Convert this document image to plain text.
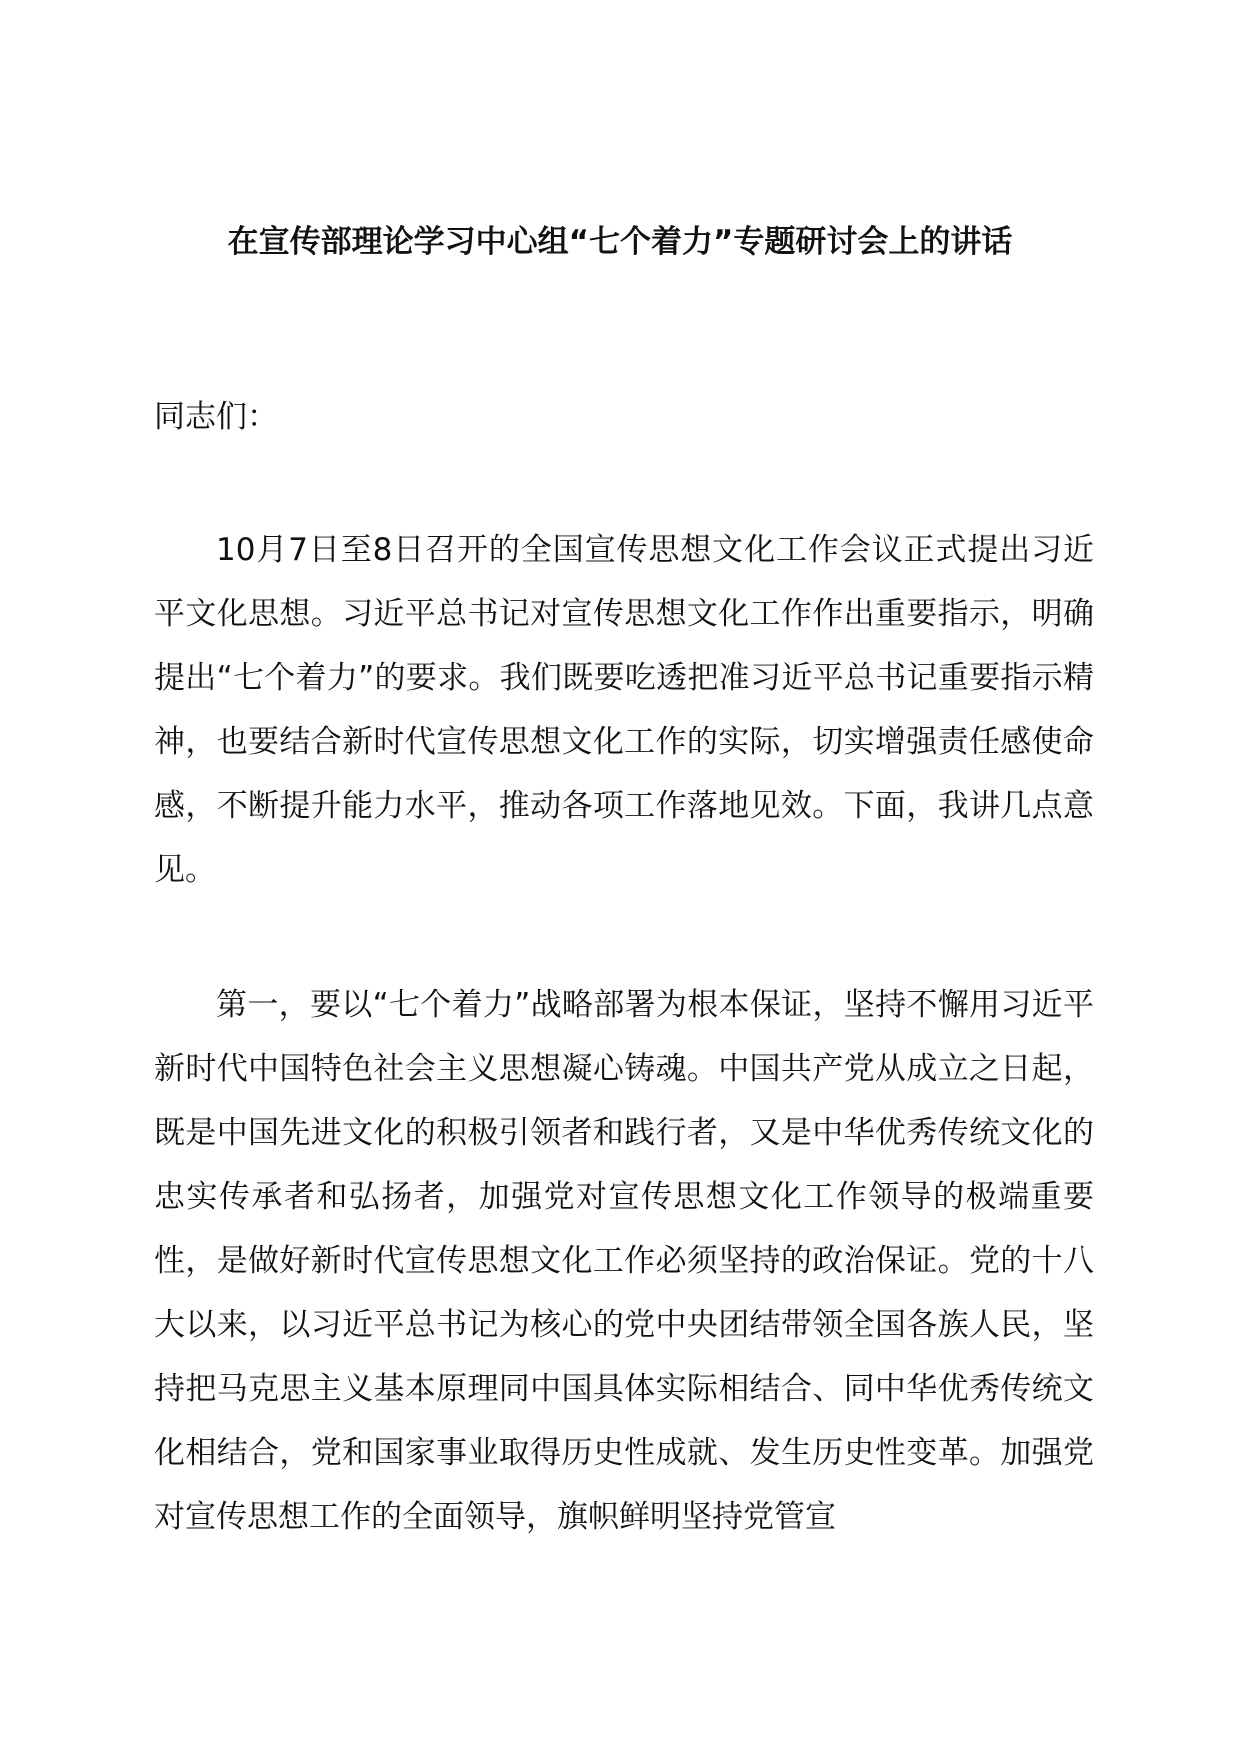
在宣传部理论学习中心组“七个着力”专题研讨会上的讲话
同志们：
10月7日至8日召开的全国宣传思想文化工作会议正式提出习近平文化思想。习近平总书记对宣传思想文化工作作出重要指示，明确提出“七个着力”的要求。我们既要吃透把准习近平总书记重要指示精神，也要结合新时代宣传思想文化工作的实际，切实增强责任感使命感，不断提升能力水平，推动各项工作落地见效。下面，我讲几点意见。
第一，要以“七个着力”战略部署为根本保证，坚持不懈用习近平新时代中国特色社会主义思想凝心铸魂。中国共产党从成立之日起，既是中国先进文化的积极引领者和践行者，又是中华优秀传统文化的忠实传承者和弘扬者，加强党对宣传思想文化工作领导的极端重要性，是做好新时代宣传思想文化工作必须坚持的政治保证。党的十八大以来，以习近平总书记为核心的党中央团结带领全国各族人民，坚持把马克思主义基本原理同中国具体实际相结合、同中华优秀传统文化相结合，党和国家事业取得历史性成就、发生历史性变革。加强党对宣传思想工作的全面领导，旗帜鲜明坚持党管宣
